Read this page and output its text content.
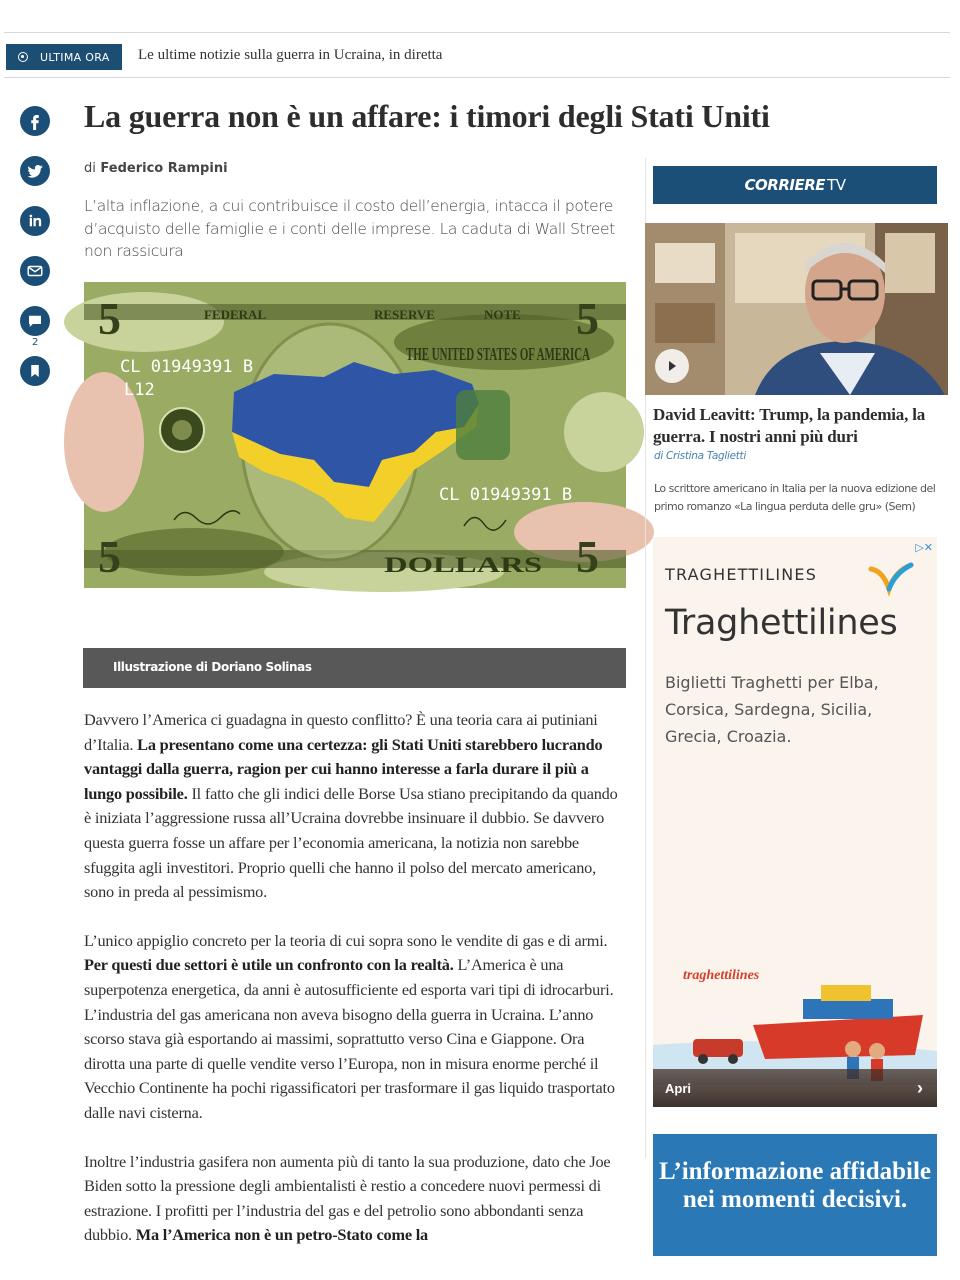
ULTIMA ORA Le ultime notizie sulla guerra in Ucraina, in diretta
2
La guerra non è un affare: i timori degli Stati Uniti
di Federico Rampini

L’alta inflazione, a cui contribuisce il costo dell’energia, intacca il potere d’acquisto delle famiglie e i conti delle imprese. La caduta di Wall Street non rassicura

FEDERAL	RESERVE	NOTE
5	5
5	5
THE UNITED STATES OF AMERICA
CL 01949391 B
L12
CL 01949391 B
DOLLARS
Illustrazione di Doriano Solinas

Davvero l’America ci guadagna in questo conflitto? È una teoria cara ai putiniani d’Italia. La presentano come una certezza: gli Stati Uniti starebbero lucrando vantaggi dalla guerra, ragion per cui hanno interesse a farla durare il più a lungo possibile. Il fatto che gli indici delle Borse Usa stiano precipitando da quando è iniziata l’aggressione russa all’Ucraina dovrebbe insinuare il dubbio. Se davvero questa guerra fosse un affare per l’economia americana, la notizia non sarebbe sfuggita agli investitori. Proprio quelli che hanno il polso del mercato americano, sono in preda al pessimismo.

L’unico appiglio concreto per la teoria di cui sopra sono le vendite di gas e di armi. Per questi due settori è utile un confronto con la realtà. L’America è una superpotenza energetica, da anni è autosufficiente ed esporta vari tipi di idrocarburi. L’industria del gas americana non aveva bisogno della guerra in Ucraina. L’anno scorso stava già esportando ai massimi, soprattutto verso Cina e Giappone. Ora dirotta una parte di quelle vendite verso l’Europa, non in misura enorme perché il Vecchio Continente ha pochi rigassificatori per trasformare il gas liquido trasportato dalle navi cisterna.

Inoltre l’industria gasifera non aumenta più di tanto la sua produzione, dato che Joe Biden sotto la pressione degli ambientalisti è restio a concedere nuovi permessi di estrazione. I profitti per l’industria del gas e del petrolio sono abbondanti senza dubbio. Ma l’America non è un petro-Stato come la

CORRIERE TV
David Leavitt: Trump, la pandemia, la guerra. I nostri anni più duri
di Cristina Taglietti

Lo scrittore americano in Italia per la nuova edizione del primo romanzo «La lingua perduta delle gru» (Sem)

▷✕
TRAGHETTILINES
Traghettilines

Biglietti Traghetti per Elba, Corsica, Sardegna, Sicilia, Grecia, Croazia.

traghettilines
Apri	›
L’informazione affidabile nei momenti decisivi.
